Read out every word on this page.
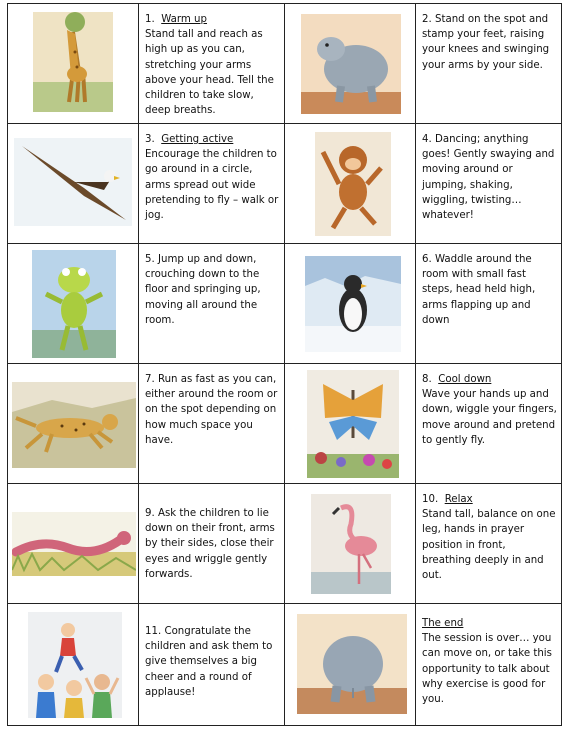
1. Warm up
Stand tall and reach as high up as you can, stretching your arms above your head. Tell the children to take slow, deep breaths.		2. Stand on the spot and stamp your feet, raising your knees and swinging your arms by your side.

3. Getting active
Encourage the children to go around in a circle, arms spread out wide pretending to fly – walk or jog.		4. Dancing; anything goes! Gently swaying and moving around or jumping, shaking, wiggling, twisting… whatever!

5. Jump up and down, crouching down to the floor and springing up, moving all around the room.		6. Waddle around the room with small fast steps, head held high, arms flapping up and down

7. Run as fast as you can, either around the room or on the spot depending on how much space you have.		8. Cool down
Wave your hands up and down, wiggle your fingers, move around and pretend to gently fly.

9. Ask the children to lie down on their front, arms by their sides, close their eyes and wriggle gently forwards.		10. Relax
Stand tall, balance on one leg, hands in prayer position in front, breathing deeply in and out.

11. Congratulate the children and ask them to give themselves a big cheer and a round of applause!		The end
The session is over… you can move on, or take this opportunity to talk about why exercise is good for you.
